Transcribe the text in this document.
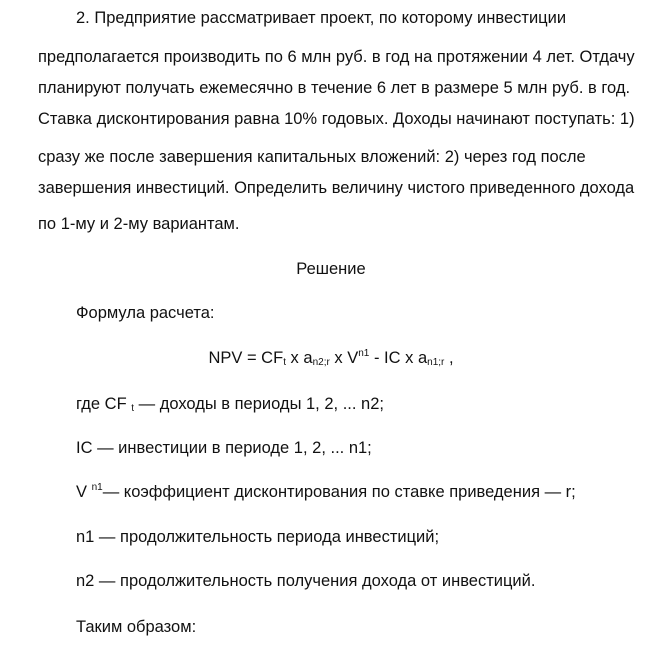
2. Предприятие рассматривает проект, по которому инвестиции
предполагается производить по 6 млн руб. в год на протяжении 4 лет. Отдачу
планируют получать ежемесячно в течение 6 лет в размере 5 млн руб. в год.
Ставка дисконтирования равна 10% годовых. Доходы начинают поступать: 1)
сразу же после завершения капитальных вложений: 2) через год после
завершения инвестиций. Определить величину чистого приведенного дохода
по 1-му и 2-му вариантам.
Решение
Формула расчета:
NPV = $CF_t$ x $a_{n2;r}$ x $V^{n1}$ - IC x $a_{n1;r}$ ,
где CF $_t$ — доходы в периоды 1, 2, ... n2;
IC — инвестиции в периоде 1, 2, ... n1;
V $^{n1}$— коэффициент дисконтирования по ставке приведения — r;
n1 — продолжительность периода инвестиций;
n2 — продолжительность получения дохода от инвестиций.
Таким образом:
